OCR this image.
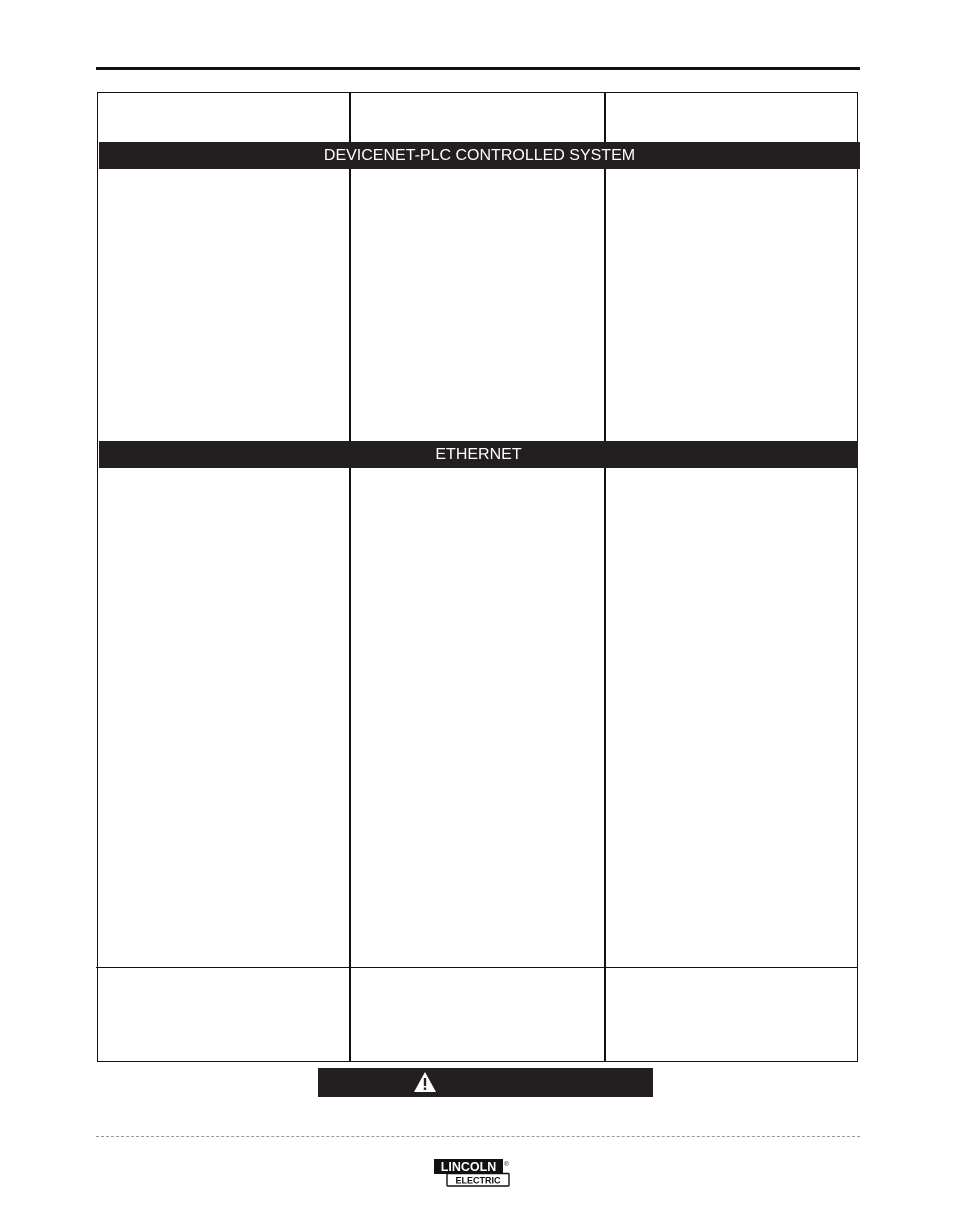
DEVICENET-PLC CONTROLLED SYSTEM
ETHERNET
LINCOLN ®
ELECTRIC
